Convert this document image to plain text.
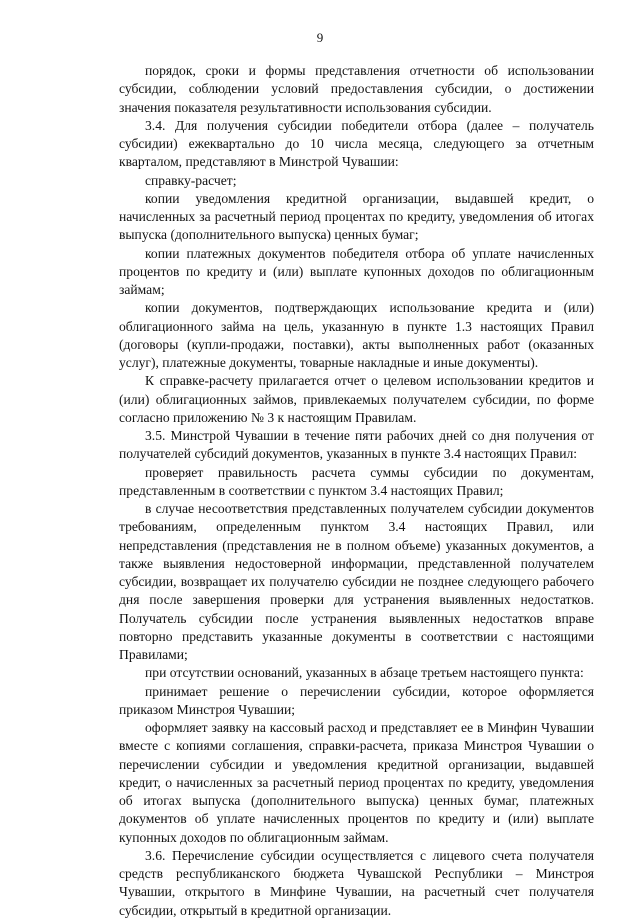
9

порядок, сроки и формы представления отчетности об использовании субсидии, соблюдении условий предоставления субсидии, о достижении значения показателя результативности использования субсидии.

3.4. Для получения субсидии победители отбора (далее – получатель субсидии) ежеквартально до 10 числа месяца, следующего за отчетным кварталом, представляют в Минстрой Чувашии:

справку-расчет;

копии уведомления кредитной организации, выдавшей кредит, о начисленных за расчетный период процентах по кредиту, уведомления об итогах выпуска (дополнительного выпуска) ценных бумаг;

копии платежных документов победителя отбора об уплате начисленных процентов по кредиту и (или) выплате купонных доходов по облигационным займам;

копии документов, подтверждающих использование кредита и (или) облигационного займа на цель, указанную в пункте 1.3 настоящих Правил (договоры (купли-продажи, поставки), акты выполненных работ (оказанных услуг), платежные документы, товарные накладные и иные документы).

К справке-расчету прилагается отчет о целевом использовании кредитов и (или) облигационных займов, привлекаемых получателем субсидии, по форме согласно приложению № 3 к настоящим Правилам.

3.5. Минстрой Чувашии в течение пяти рабочих дней со дня получения от получателей субсидий документов, указанных в пункте 3.4 настоящих Правил:

проверяет правильность расчета суммы субсидии по документам, представленным в соответствии с пунктом 3.4 настоящих Правил;

в случае несоответствия представленных получателем субсидии документов требованиям, определенным пунктом 3.4 настоящих Правил, или непредставления (представления не в полном объеме) указанных документов, а также выявления недостоверной информации, представленной получателем субсидии, возвращает их получателю субсидии не позднее следующего рабочего дня после завершения проверки для устранения выявленных недостатков. Получатель субсидии после устранения выявленных недостатков вправе повторно представить указанные документы в соответствии с настоящими Правилами;

при отсутствии оснований, указанных в абзаце третьем настоящего пункта:

принимает решение о перечислении субсидии, которое оформляется приказом Минстроя Чувашии;

оформляет заявку на кассовый расход и представляет ее в Минфин Чувашии вместе с копиями соглашения, справки-расчета, приказа Минстроя Чувашии о перечислении субсидии и уведомления кредитной организации, выдавшей кредит, о начисленных за расчетный период процентах по кредиту, уведомления об итогах выпуска (дополнительного выпуска) ценных бумаг, платежных документов об уплате начисленных процентов по кредиту и (или) выплате купонных доходов по облигационным займам.

3.6. Перечисление субсидии осуществляется с лицевого счета получателя средств республиканского бюджета Чувашской Республики – Минстроя Чувашии, открытого в Минфине Чувашии, на расчетный счет получателя субсидии, открытый в кредитной организации.
